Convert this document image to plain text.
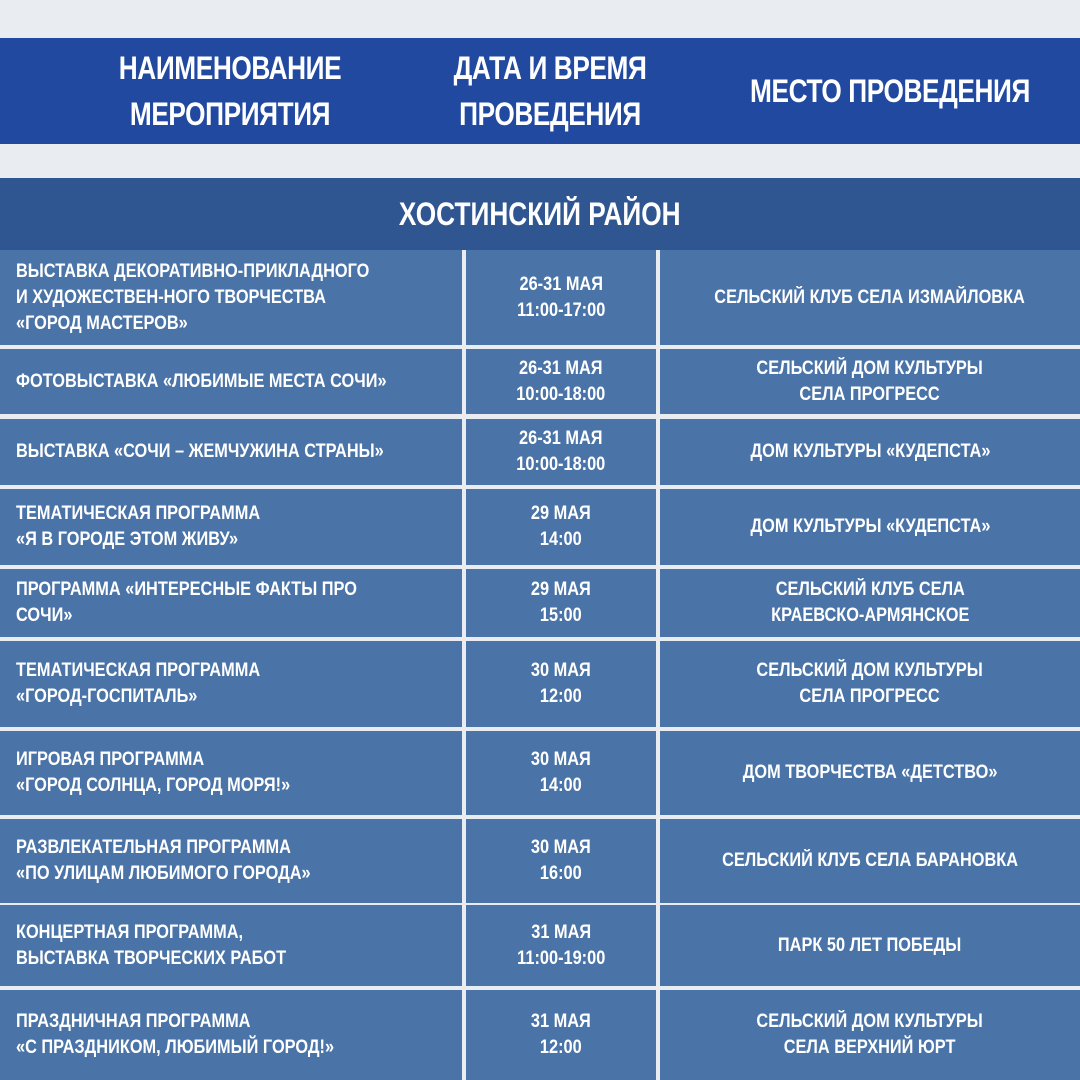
НАИМЕНОВАНИЕ
МЕРОПРИЯТИЯ
ДАТА И ВРЕМЯ
ПРОВЕДЕНИЯ
МЕСТО ПРОВЕДЕНИЯ
ХОСТИНСКИЙ РАЙОН
ВЫСТАВКА ДЕКОРАТИВНО-ПРИКЛАДНОГО
И ХУДОЖЕСТВЕН-НОГО ТВОРЧЕСТВА
«ГОРОД МАСТЕРОВ»
26-31 МАЯ
11:00-17:00
СЕЛЬСКИЙ КЛУБ СЕЛА ИЗМАЙЛОВКА
ФОТОВЫСТАВКА «ЛЮБИМЫЕ МЕСТА СОЧИ»
26-31 МАЯ
10:00-18:00
СЕЛЬСКИЙ ДОМ КУЛЬТУРЫ
СЕЛА ПРОГРЕСС
ВЫСТАВКА «СОЧИ – ЖЕМЧУЖИНА СТРАНЫ»
26-31 МАЯ
10:00-18:00
ДОМ КУЛЬТУРЫ «КУДЕПСТА»
ТЕМАТИЧЕСКАЯ ПРОГРАММА
«Я В ГОРОДЕ ЭТОМ ЖИВУ»
29 МАЯ
14:00
ДОМ КУЛЬТУРЫ «КУДЕПСТА»
ПРОГРАММА «ИНТЕРЕСНЫЕ ФАКТЫ ПРО СОЧИ»
29 МАЯ
15:00
СЕЛЬСКИЙ КЛУБ СЕЛА
КРАЕВСКО-АРМЯНСКОЕ
ТЕМАТИЧЕСКАЯ ПРОГРАММА
«ГОРОД-ГОСПИТАЛЬ»
30 МАЯ
12:00
СЕЛЬСКИЙ ДОМ КУЛЬТУРЫ
СЕЛА ПРОГРЕСС
ИГРОВАЯ ПРОГРАММА
«ГОРОД СОЛНЦА, ГОРОД МОРЯ!»
30 МАЯ
14:00
ДОМ ТВОРЧЕСТВА «ДЕТСТВО»
РАЗВЛЕКАТЕЛЬНАЯ ПРОГРАММА
«ПО УЛИЦАМ ЛЮБИМОГО ГОРОДА»
30 МАЯ
16:00
СЕЛЬСКИЙ КЛУБ СЕЛА БАРАНОВКА
КОНЦЕРТНАЯ ПРОГРАММА,
ВЫСТАВКА ТВОРЧЕСКИХ РАБОТ
31 МАЯ
11:00-19:00
ПАРК 50 ЛЕТ ПОБЕДЫ
ПРАЗДНИЧНАЯ ПРОГРАММА
«С ПРАЗДНИКОМ, ЛЮБИМЫЙ ГОРОД!»
31 МАЯ
12:00
СЕЛЬСКИЙ ДОМ КУЛЬТУРЫ
СЕЛА ВЕРХНИЙ ЮРТ
